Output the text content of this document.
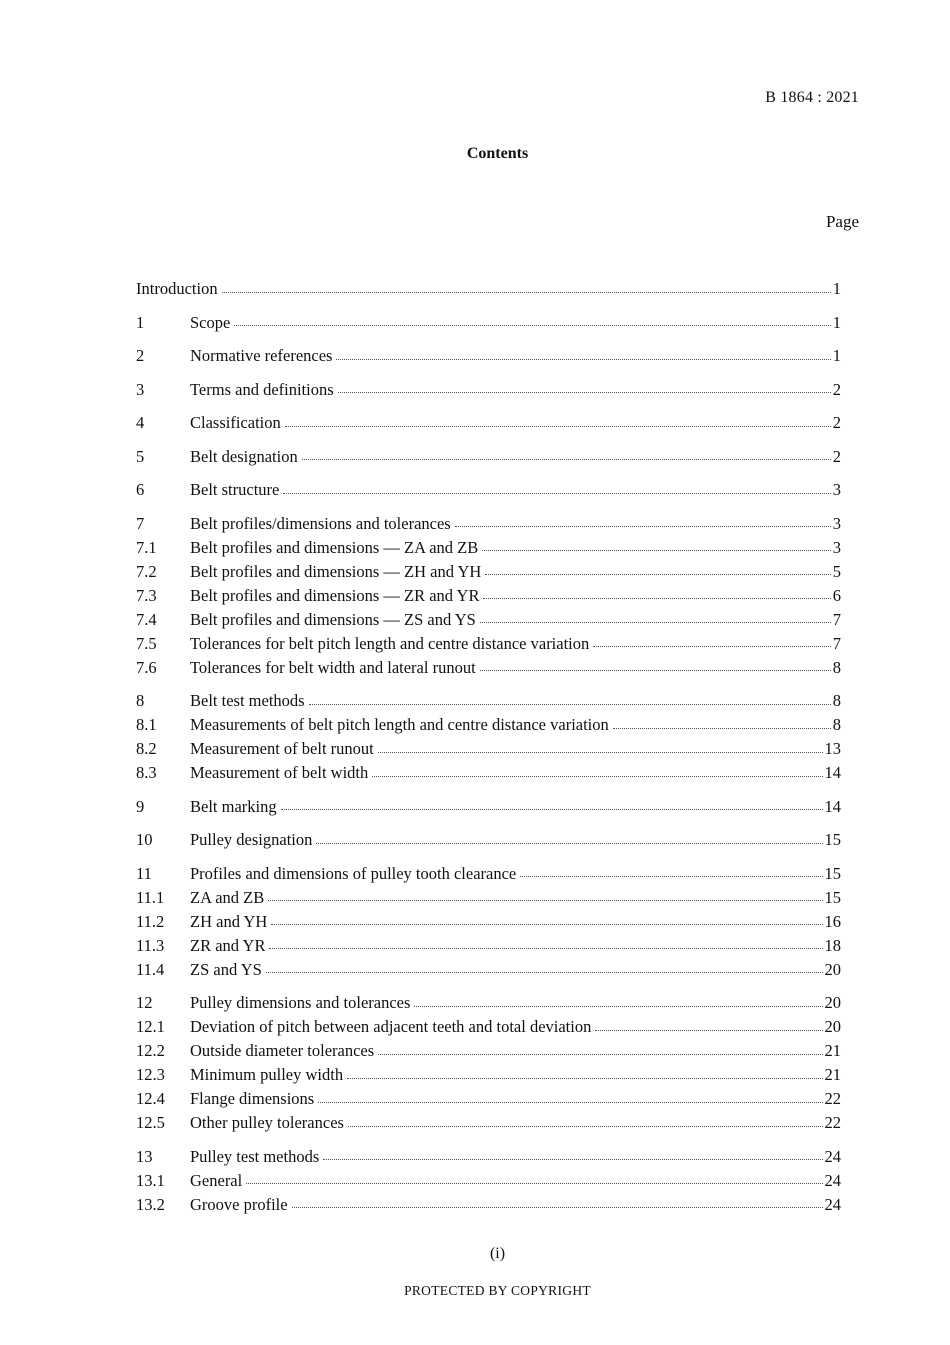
B 1864 : 2021
Contents
Page
Introduction	1
1	Scope	1
2	Normative references	1
3	Terms and definitions	2
4	Classification	2
5	Belt designation	2
6	Belt structure	3
7	Belt profiles/dimensions and tolerances	3
7.1	Belt profiles and dimensions — ZA and ZB	3
7.2	Belt profiles and dimensions — ZH and YH	5
7.3	Belt profiles and dimensions — ZR and YR	6
7.4	Belt profiles and dimensions — ZS and YS	7
7.5	Tolerances for belt pitch length and centre distance variation	7
7.6	Tolerances for belt width and lateral runout	8
8	Belt test methods	8
8.1	Measurements of belt pitch length and centre distance variation	8
8.2	Measurement of belt runout	13
8.3	Measurement of belt width	14
9	Belt marking	14
10	Pulley designation	15
11	Profiles and dimensions of pulley tooth clearance	15
11.1	ZA and ZB	15
11.2	ZH and YH	16
11.3	ZR and YR	18
11.4	ZS and YS	20
12	Pulley dimensions and tolerances	20
12.1	Deviation of pitch between adjacent teeth and total deviation	20
12.2	Outside diameter tolerances	21
12.3	Minimum pulley width	21
12.4	Flange dimensions	22
12.5	Other pulley tolerances	22
13	Pulley test methods	24
13.1	General	24
13.2	Groove profile	24
(i)
PROTECTED BY COPYRIGHT
